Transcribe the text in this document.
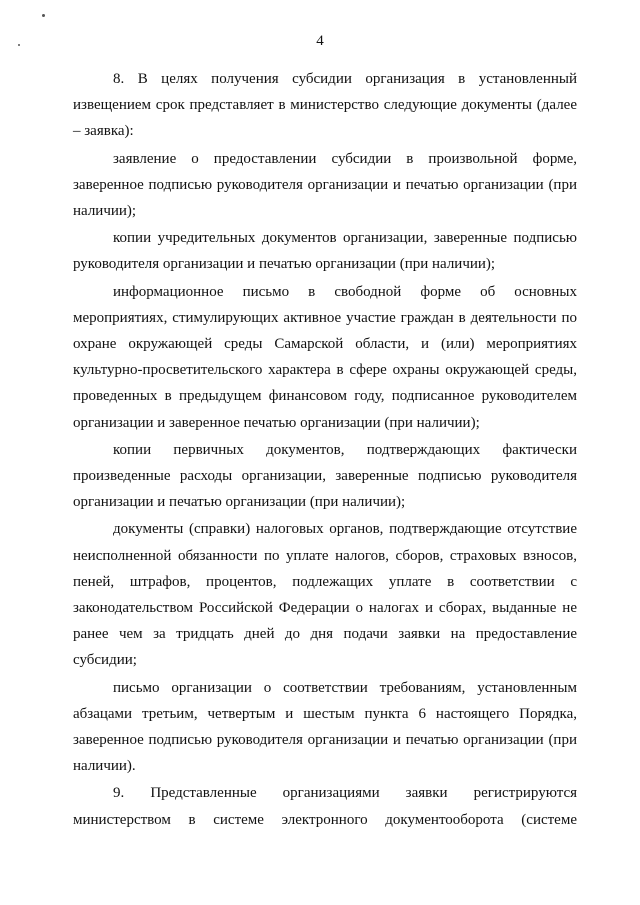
4

8. В целях получения субсидии организация в установленный извещением срок представляет в министерство следующие документы (далее – заявка):

заявление о предоставлении субсидии в произвольной форме, заверенное подписью руководителя организации и печатью организации (при наличии);

копии учредительных документов организации, заверенные подписью руководителя организации и печатью организации (при наличии);

информационное письмо в свободной форме об основных мероприятиях, стимулирующих активное участие граждан в деятельности по охране окружающей среды Самарской области, и (или) мероприятиях культурно-просветительского характера в сфере охраны окружающей среды, проведенных в предыдущем финансовом году, подписанное руководителем организации и заверенное печатью организации (при наличии);

копии первичных документов, подтверждающих фактически произведенные расходы организации, заверенные подписью руководителя организации и печатью организации (при наличии);

документы (справки) налоговых органов, подтверждающие отсутствие неисполненной обязанности по уплате налогов, сборов, страховых взносов, пеней, штрафов, процентов, подлежащих уплате в соответствии с законодательством Российской Федерации о налогах и сборах, выданные не ранее чем за тридцать дней до дня подачи заявки на предоставление субсидии;

письмо организации о соответствии требованиям, установленным абзацами третьим, четвертым и шестым пункта 6 настоящего Порядка, заверенное подписью руководителя организации и печатью организации (при наличии).

9. Представленные организациями заявки регистрируются министерством в системе электронного документооборота (системе
